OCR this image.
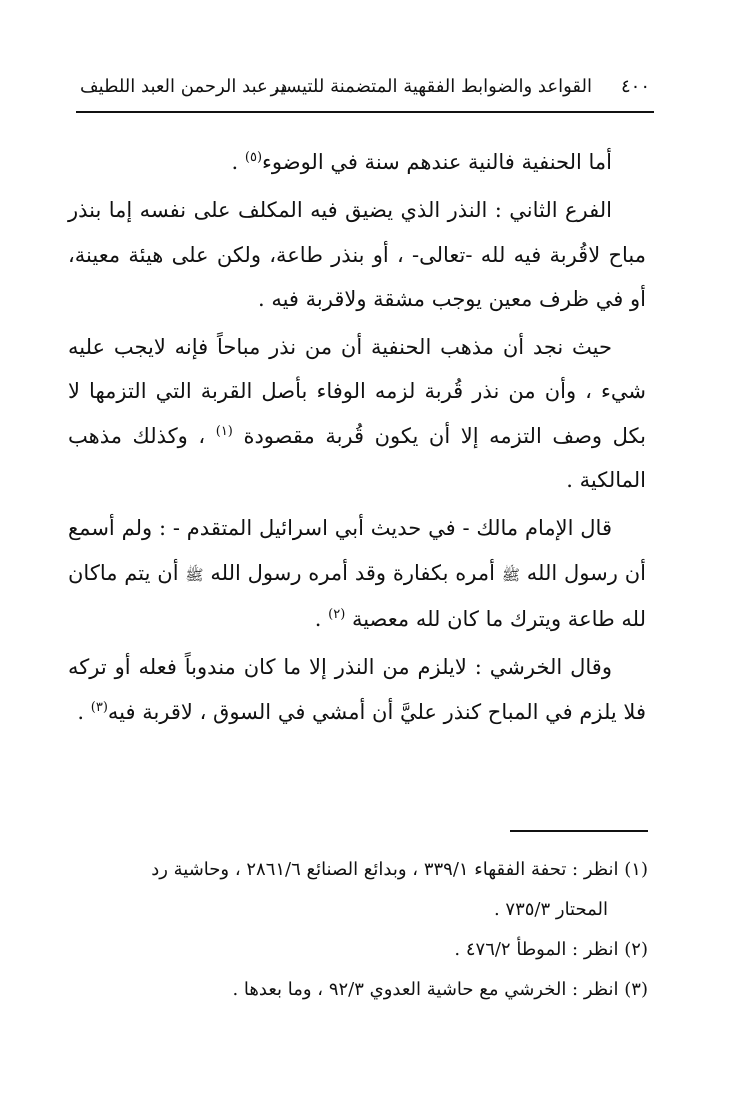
٤٠٠
القواعد والضوابط الفقهية المتضمنة للتيسير
د. عبد الرحمن العبد اللطيف

أما الحنفية فالنية عندهم سنة في الوضوء$^{(٥)}$ .

الفرع الثاني : النذر الذي يضيق فيه المكلف على نفسه إما بنذر مباح لاقُربة فيه لله -تعالى- ، أو بنذر طاعة، ولكن على هيئة معينة، أو في ظرف معين يوجب مشقة ولاقربة فيه .

حيث نجد أن مذهب الحنفية أن من نذر مباحاً فإنه لايجب عليه شيء ، وأن من نذر قُربة لزمه الوفاء بأصل القربة التي التزمها لا بكل وصف التزمه إلا أن يكون قُربة مقصودة $^{(١)}$ ، وكذلك مذهب المالكية .

قال الإمام مالك - في حديث أبي اسرائيل المتقدم - : ولم أسمع أن رسول الله ﷺ أمره بكفارة وقد أمره رسول الله ﷺ أن يتم ماكان لله طاعة ويترك ما كان لله معصية $^{(٢)}$ .

وقال الخرشي : لايلزم من النذر إلا ما كان مندوباً فعله أو تركه فلا يلزم في المباح كنذر عليَّ أن أمشي في السوق ، لاقربة فيه$^{(٣)}$ .

(١) انظر : تحفة الفقهاء ٣٣٩/١ ، وبدائع الصنائع ٢٨٦١/٦ ، وحاشية رد

المحتار ٧٣٥/٣ .

(٢) انظر : الموطأ ٤٧٦/٢ .

(٣) انظر : الخرشي مع حاشية العدوي ٩٢/٣ ، وما بعدها .
